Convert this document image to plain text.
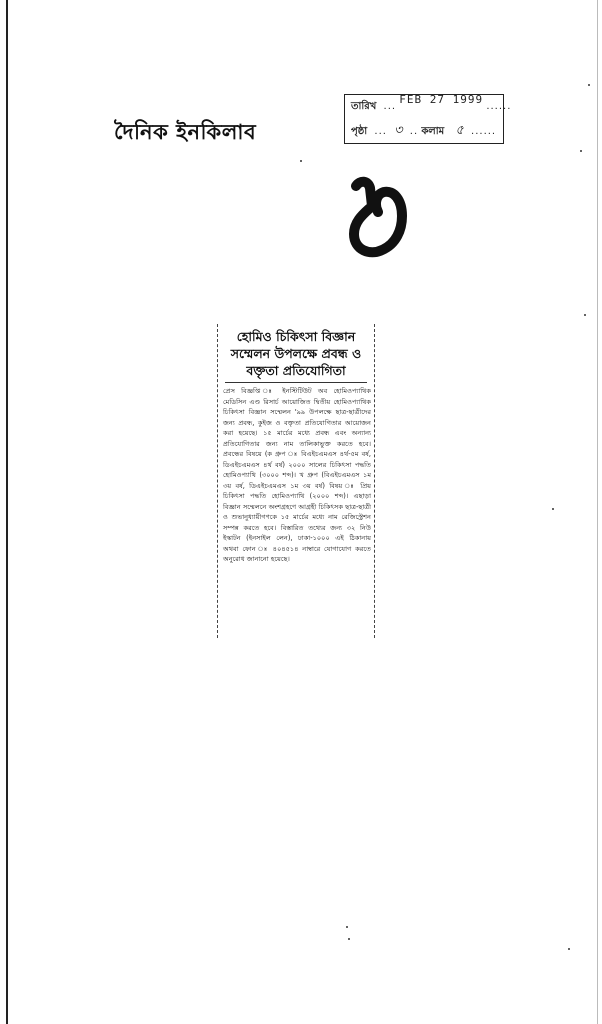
দৈনিক ইনকিলাব
তারিখ ... FEB 27 1999 ......
পৃষ্ঠা ... ৩ .. কলাম ৫ ......
হোমিও চিকিৎসা বিজ্ঞান সম্মেলন উপলক্ষে প্রবন্ধ ও বক্তৃতা প্রতিযোগিতা
প্রেস বিজ্ঞপ্তি ঃ ইনস্টিটিউট অব হোমিওপ্যাথিক মেডিসিন এণ্ড রিসার্চ আয়োজিত দ্বিতীয় হোমিওপ্যাথিক চিকিৎসা বিজ্ঞান সম্মেলন '৯৯ উপলক্ষে ছাত্র-ছাত্রীদের জন্য প্রবন্ধ, কুইজ ও বক্তৃতা প্রতিযোগিতার আয়োজন করা হয়েছে। ১৫ মার্চের মধ্যে প্রবন্ধ এবং অন্যান্য প্রতিযোগিতার জন্য নাম তালিকাভুক্ত করতে হবে। প্রবন্ধের বিষয়ে (ক গ্রুপ ঃ বিএইচএমএস ৪র্থ-৫ম বর্ষ, ডিএইচএমএস ৪র্থ বর্ষ) ২০০০ সালের চিকিৎসা পদ্ধতি হোমিওপ্যাথি (৩০০০ শব্দ)। খ গ্রুপ (বিএইচএমএস ১ম ৩য় বর্ষ, ডিএইচএমএস ১ম ৩য় বর্ষ) বিষয় ঃ প্রিয় চিকিৎসা পদ্ধতি হোমিওপ্যাথি (২০০০ শব্দ)। এছাড়া বিজ্ঞান সম্মেলনে অংশগ্রহণে আগ্রহী চিকিৎসক ছাত্র-ছাত্রী ও শুভানুধ্যায়ীগণকে ১৫ মার্চের মধ্যে নাম রেজিস্ট্রেশন সম্পন্ন করতে হবে। বিস্তারিত তথ্যের জন্য ৩২ নিউ ইস্কাটন (ইনসাইল লেন), ঢাকা-১০০০ এই ঠিকানায় অথবা ফোন ঃ ৪০৪৫১৪ নাম্বারে যোগাযোগ করতে অনুরোধ জানানো হয়েছে।
